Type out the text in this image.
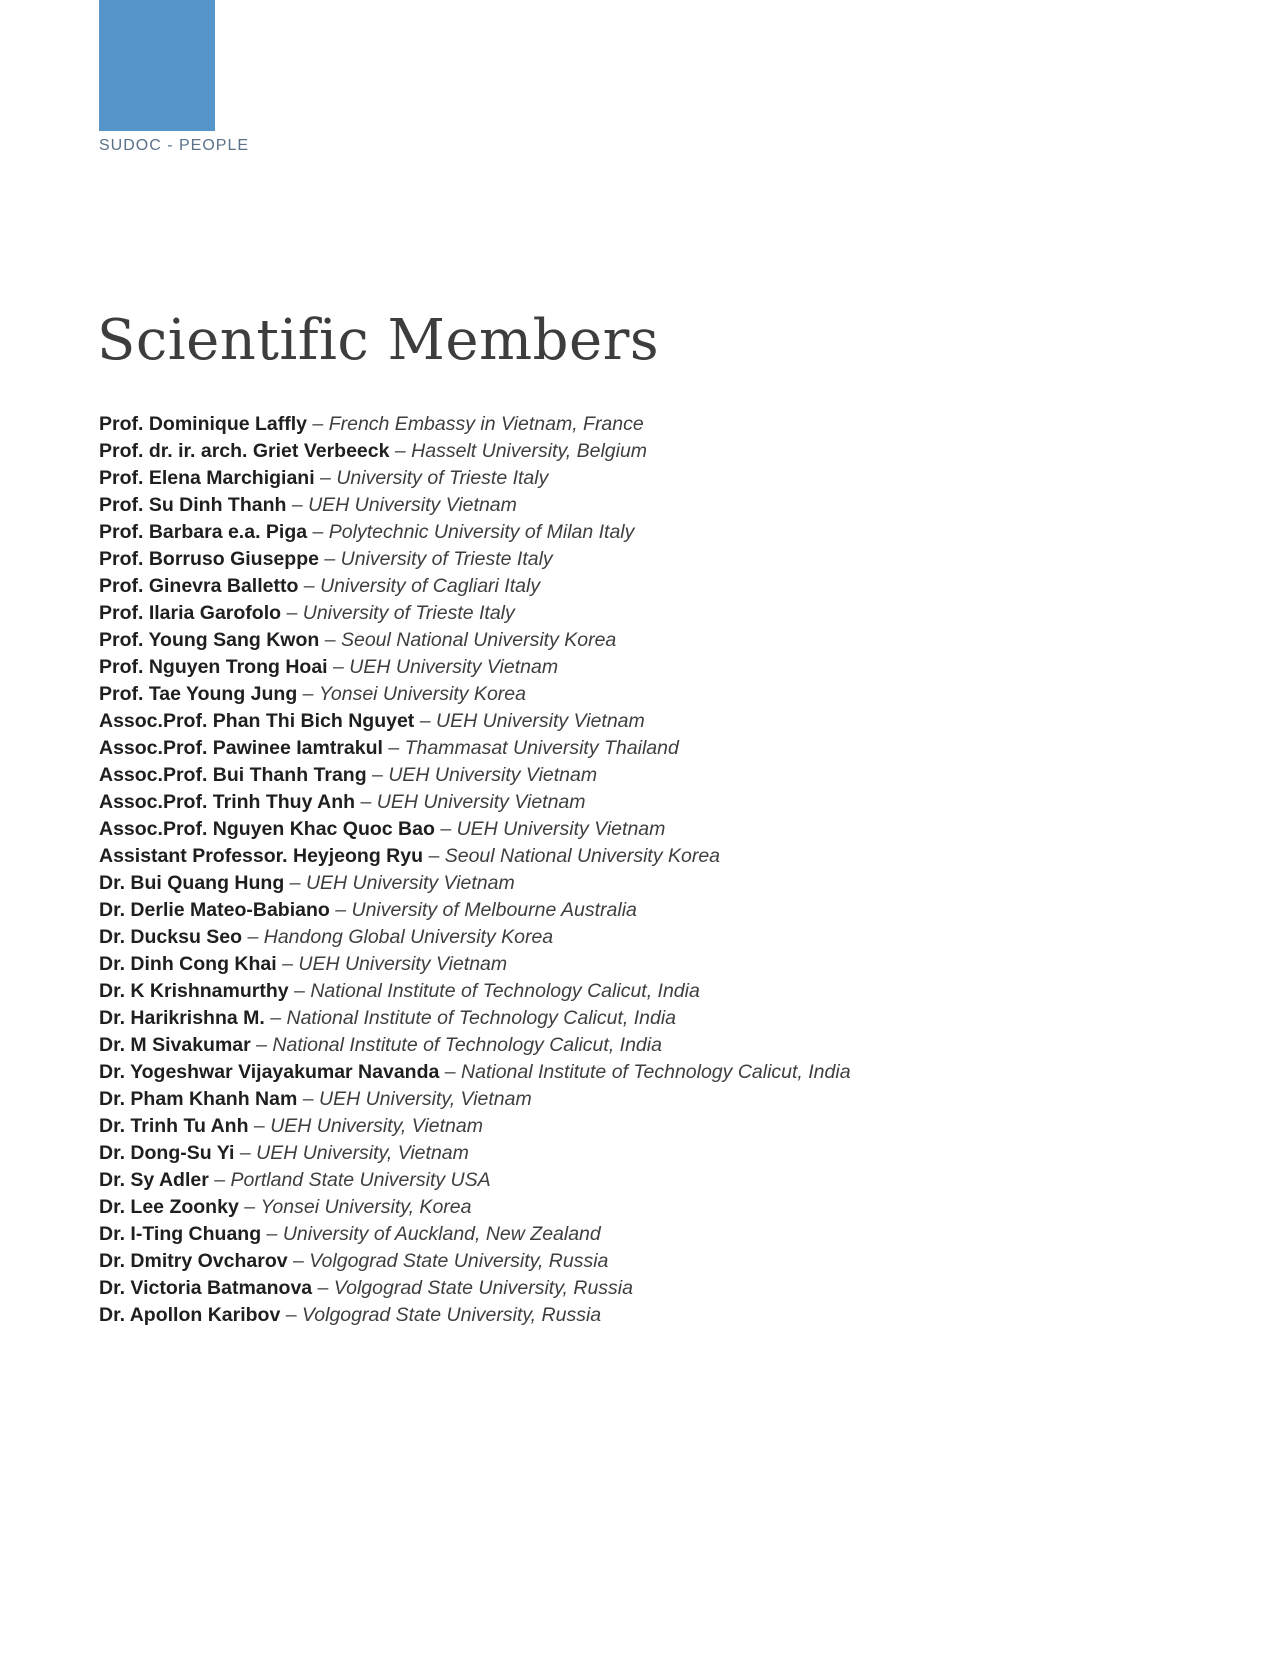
SUDOC - PEOPLE
Scientific Members
Prof. Dominique Laffly – French Embassy in Vietnam, France
Prof. dr. ir. arch. Griet Verbeeck – Hasselt University, Belgium
Prof. Elena Marchigiani – University of Trieste Italy
Prof. Su Dinh Thanh – UEH University Vietnam
Prof. Barbara e.a. Piga – Polytechnic University of Milan Italy
Prof. Borruso Giuseppe – University of Trieste Italy
Prof. Ginevra Balletto – University of Cagliari Italy
Prof. Ilaria Garofolo – University of Trieste Italy
Prof. Young Sang Kwon – Seoul National University Korea
Prof. Nguyen Trong Hoai – UEH University Vietnam
Prof. Tae Young Jung – Yonsei University Korea
Assoc.Prof. Phan Thi Bich Nguyet – UEH University Vietnam
Assoc.Prof. Pawinee Iamtrakul – Thammasat University Thailand
Assoc.Prof. Bui Thanh Trang – UEH University Vietnam
Assoc.Prof. Trinh Thuy Anh – UEH University Vietnam
Assoc.Prof. Nguyen Khac Quoc Bao – UEH University Vietnam
Assistant Professor. Heyjeong Ryu – Seoul National University Korea
Dr. Bui Quang Hung – UEH University Vietnam
Dr. Derlie Mateo-Babiano – University of Melbourne Australia
Dr. Ducksu Seo – Handong Global University Korea
Dr. Dinh Cong Khai – UEH University Vietnam
Dr. K Krishnamurthy – National Institute of Technology Calicut, India
Dr. Harikrishna M. – National Institute of Technology Calicut, India
Dr. M Sivakumar – National Institute of Technology Calicut, India
Dr. Yogeshwar Vijayakumar Navanda – National Institute of Technology Calicut, India
Dr. Pham Khanh Nam – UEH University, Vietnam
Dr. Trinh Tu Anh – UEH University, Vietnam
Dr. Dong-Su Yi – UEH University, Vietnam
Dr. Sy Adler – Portland State University USA
Dr. Lee Zoonky – Yonsei University, Korea
Dr. I-Ting Chuang – University of Auckland, New Zealand
Dr. Dmitry Ovcharov – Volgograd State University, Russia
Dr. Victoria Batmanova – Volgograd State University, Russia
Dr. Apollon Karibov – Volgograd State University, Russia
